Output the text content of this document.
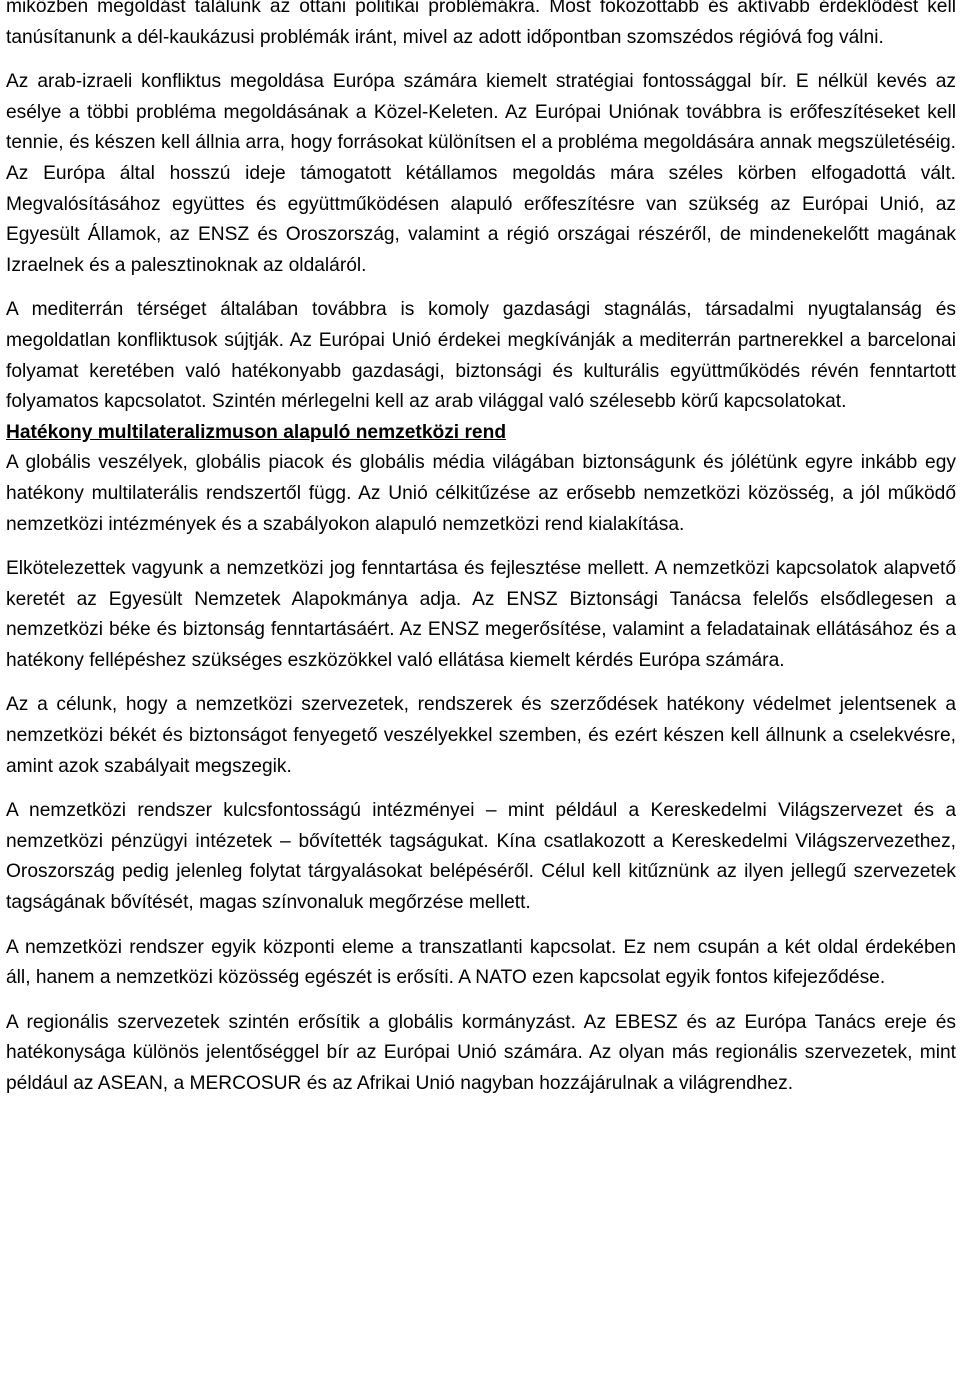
miközben megoldást találunk az ottani politikai problémákra. Most fokozottabb és aktívabb érdeklődést kell tanúsítanunk a dél-kaukázusi problémák iránt, mivel az adott időpontban szomszédos régióvá fog válni.

Az arab-izraeli konfliktus megoldása Európa számára kiemelt stratégiai fontossággal bír. E nélkül kevés az esélye a többi probléma megoldásának a Közel-Keleten. Az Európai Uniónak továbbra is erőfeszítéseket kell tennie, és készen kell állnia arra, hogy forrásokat különítsen el a probléma megoldására annak megszületéséig. Az Európa által hosszú ideje támogatott kétállamos megoldás mára széles körben elfogadottá vált. Megvalósításához együttes és együttműködésen alapuló erőfeszítésre van szükség az Európai Unió, az Egyesült Államok, az ENSZ és Oroszország, valamint a régió országai részéről, de mindenekelőtt magának Izraelnek és a palesztinoknak az oldaláról.

A mediterrán térséget általában továbbra is komoly gazdasági stagnálás, társadalmi nyugtalanság és megoldatlan konfliktusok sújtják. Az Európai Unió érdekei megkívánják a mediterrán partnerekkel a barcelonai folyamat keretében való hatékonyabb gazdasági, biztonsági és kulturális együttműködés révén fenntartott folyamatos kapcsolatot. Szintén mérlegelni kell az arab világgal való szélesebb körű kapcsolatokat.

Hatékony multilateralizmuson alapuló nemzetközi rend

A globális veszélyek, globális piacok és globális média világában biztonságunk és jólétünk egyre inkább egy hatékony multilaterális rendszertől függ. Az Unió célkitűzése az erősebb nemzetközi közösség, a jól működő nemzetközi intézmények és a szabályokon alapuló nemzetközi rend kialakítása.

Elkötelezettek vagyunk a nemzetközi jog fenntartása és fejlesztése mellett. A nemzetközi kapcsolatok alapvető keretét az Egyesült Nemzetek Alapokmánya adja. Az ENSZ Biztonsági Tanácsa felelős elsődlegesen a nemzetközi béke és biztonság fenntartásáért. Az ENSZ megerősítése, valamint a feladatainak ellátásához és a hatékony fellépéshez szükséges eszközökkel való ellátása kiemelt kérdés Európa számára.

Az a célunk, hogy a nemzetközi szervezetek, rendszerek és szerződések hatékony védelmet jelentsenek a nemzetközi békét és biztonságot fenyegető veszélyekkel szemben, és ezért készen kell állnunk a cselekvésre, amint azok szabályait megszegik.

A nemzetközi rendszer kulcsfontosságú intézményei – mint például a Kereskedelmi Világszervezet és a nemzetközi pénzügyi intézetek – bővítették tagságukat. Kína csatlakozott a Kereskedelmi Világszervezethez, Oroszország pedig jelenleg folytat tárgyalásokat belépéséről. Célul kell kitűznünk az ilyen jellegű szervezetek tagságának bővítését, magas színvonaluk megőrzése mellett.

A nemzetközi rendszer egyik központi eleme a transzatlanti kapcsolat. Ez nem csupán a két oldal érdekében áll, hanem a nemzetközi közösség egészét is erősíti. A NATO ezen kapcsolat egyik fontos kifejeződése.

A regionális szervezetek szintén erősítik a globális kormányzást. Az EBESZ és az Európa Tanács ereje és hatékonysága különös jelentőséggel bír az Európai Unió számára. Az olyan más regionális szervezetek, mint például az ASEAN, a MERCOSUR és az Afrikai Unió nagyban hozzájárulnak a világrendhez.
